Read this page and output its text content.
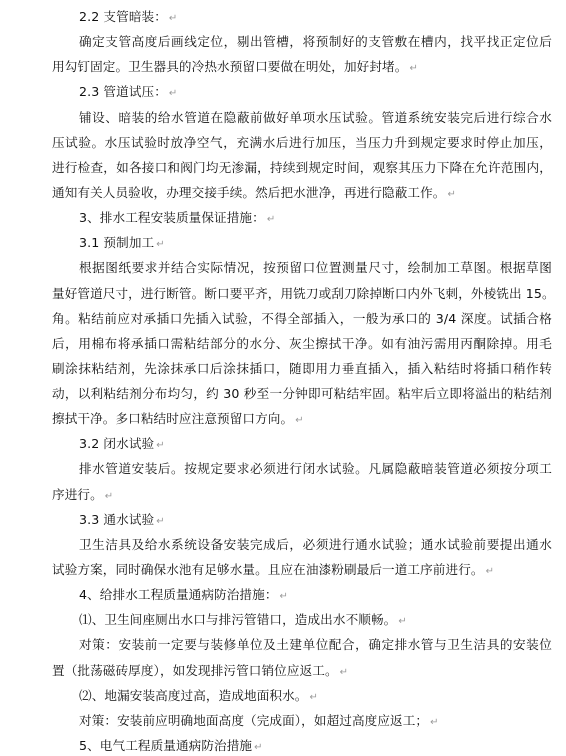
2.2 支管暗装： ↵
确定支管高度后画线定位，剔出管槽，将预制好的支管敷在槽内，找平找正定位后
用勾钉固定。卫生器具的冷热水预留口要做在明处，加好封堵。 ↵
2.3 管道试压： ↵
铺设、暗装的给水管道在隐蔽前做好单项水压试验。管道系统安装完后进行综合水
压试验。水压试验时放净空气，充满水后进行加压，当压力升到规定要求时停止加压，
进行检查，如各接口和阀门均无渗漏，持续到规定时间，观察其压力下降在允许范围内，
通知有关人员验收，办理交接手续。然后把水泄净，再进行隐蔽工作。 ↵
3、排水工程安装质量保证措施： ↵
3.1 预制加工 ↵
根据图纸要求并结合实际情况，按预留口位置测量尺寸，绘制加工草图。根据草图
量好管道尺寸，进行断管。断口要平齐，用铣刀或刮刀除掉断口内外飞刺，外棱铣出 15。
角。粘结前应对承插口先插入试验，不得全部插入，一般为承口的 3/4 深度。试插合格
后，用棉布将承插口需粘结部分的水分、灰尘擦拭干净。如有油污需用丙酮除掉。用毛
刷涂抹粘结剂，先涂抹承口后涂抹插口，随即用力垂直插入，插入粘结时将插口稍作转
动，以利粘结剂分布均匀，约 30 秒至一分钟即可粘结牢固。粘牢后立即将溢出的粘结剂
擦拭干净。多口粘结时应注意预留口方向。 ↵
3.2 闭水试验 ↵
排水管道安装后。按规定要求必须进行闭水试验。凡属隐蔽暗装管道必须按分项工
序进行。 ↵
3.3 通水试验 ↵
卫生洁具及给水系统设备安装完成后，必须进行通水试验；通水试验前要提出通水
试验方案，同时确保水池有足够水量。且应在油漆粉刷最后一道工序前进行。 ↵
4、给排水工程质量通病防治措施： ↵
⑴、卫生间座厕出水口与排污管错口，造成出水不顺畅。 ↵
对策：安装前一定要与装修单位及土建单位配合，确定排水管与卫生洁具的安装位
置（批荡磁砖厚度），如发现排污管口销位应返工。 ↵
⑵、地漏安装高度过高，造成地面积水。 ↵
对策：安装前应明确地面高度（完成面），如超过高度应返工； ↵
5、电气工程质量通病防治措施 ↵
